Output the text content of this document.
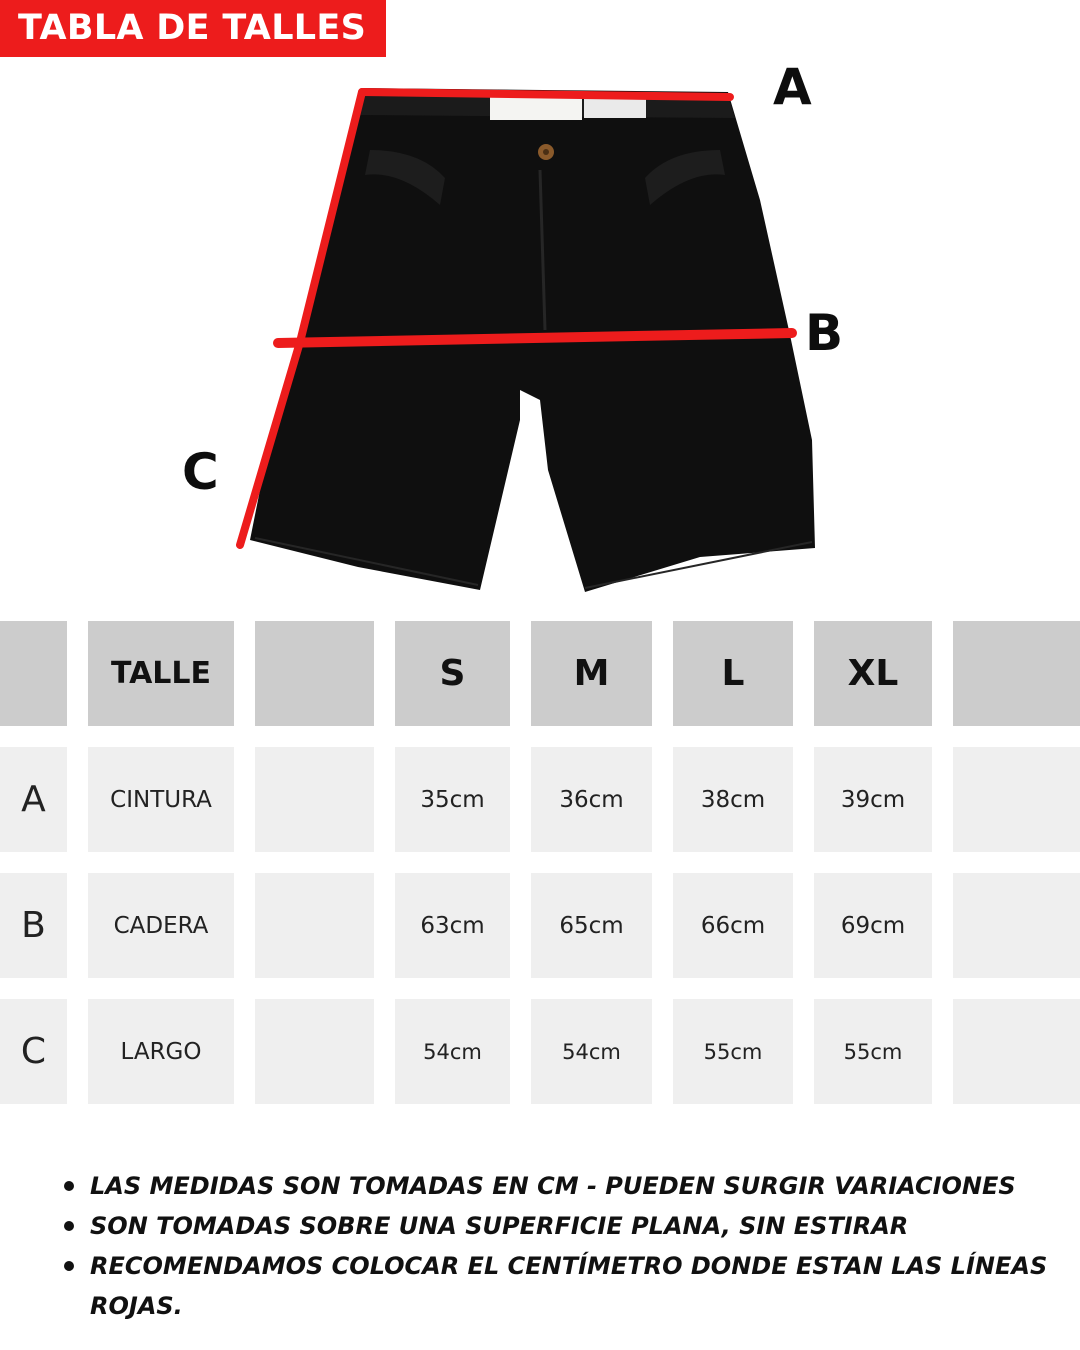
TABLA DE TALLES
A
B
C
TALLE	S	M	L	XL
A	CINTURA	35cm	36cm	38cm	39cm
B	CADERA	63cm	65cm	66cm	69cm
C	LARGO	54cm	54cm	55cm	55cm
LAS MEDIDAS SON TOMADAS EN CM - PUEDEN SURGIR VARIACIONES
SON TOMADAS SOBRE UNA SUPERFICIE PLANA, SIN ESTIRAR
RECOMENDAMOS COLOCAR EL CENTÍMETRO DONDE ESTAN LAS LÍNEAS ROJAS.
